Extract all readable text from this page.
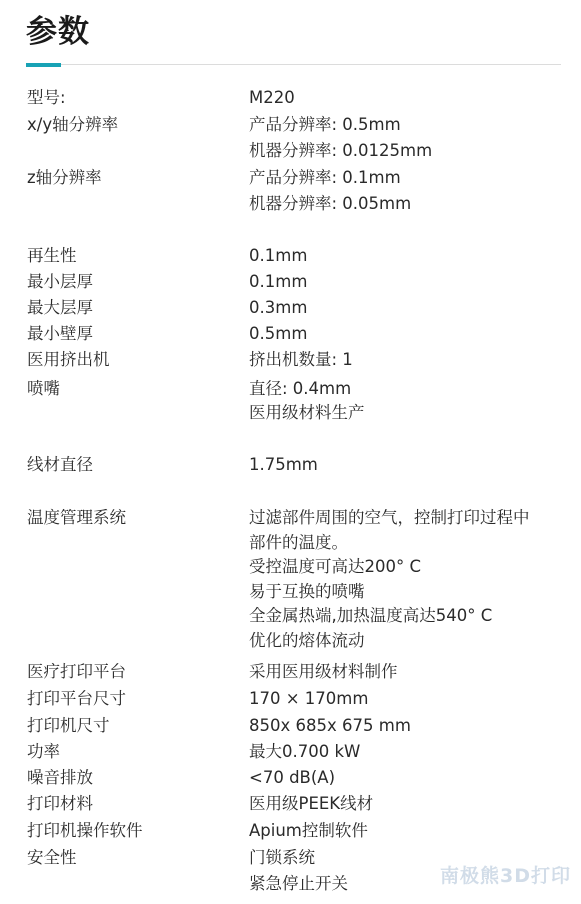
参数
型号:
x/y轴分辨率
z轴分辨率
再生性
最小层厚
最大层厚
最小壁厚
医用挤出机
喷嘴
线材直径
温度管理系统
医疗打印平台
打印平台尺寸
打印机尺寸
功率
噪音排放
打印材料
打印机操作软件
安全性
M220
产品分辨率: 0.5mm
机器分辨率: 0.0125mm
产品分辨率: 0.1mm
机器分辨率: 0.05mm
0.1mm
0.1mm
0.3mm
0.5mm
挤出机数量: 1
直径: 0.4mm
医用级材料生产
1.75mm
过滤部件周围的空气，控制打印过程中
部件的温度。
受控温度可高达200° C
易于互换的喷嘴
全金属热端,加热温度高达540° C
优化的熔体流动
采用医用级材料制作
170 × 170mm
850x 685x 675 mm
最大0.700 kW
<70 dB(A)
医用级PEEK线材
Apium控制软件
门锁系统
紧急停止开关	南极熊3D打印
